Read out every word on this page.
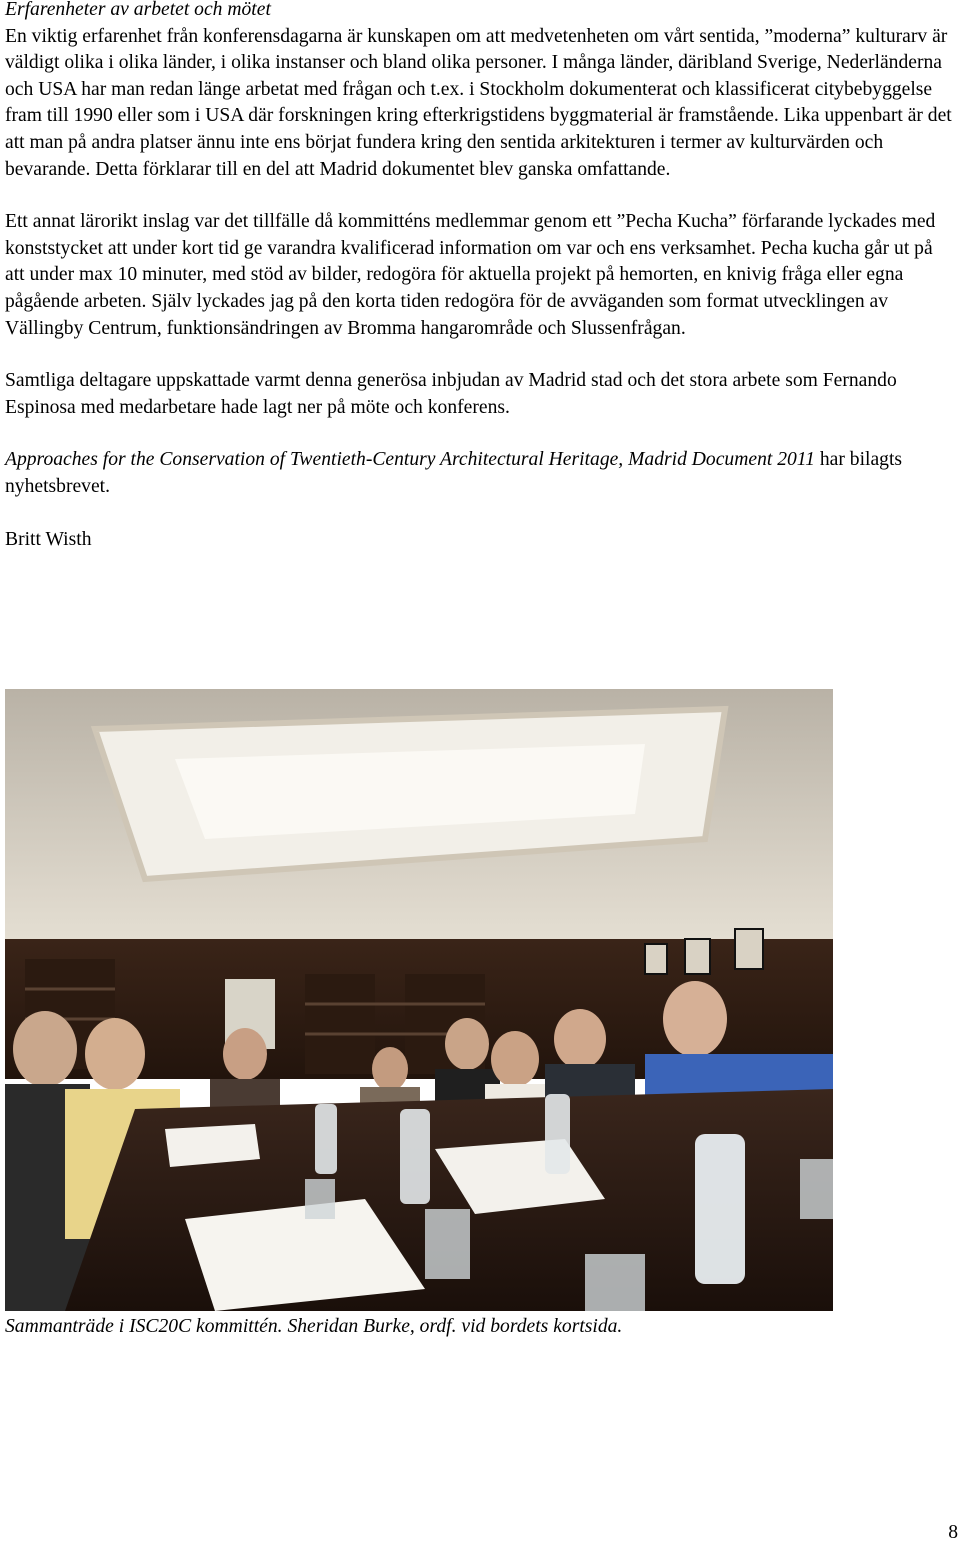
Erfarenheter av arbetet och mötet

En viktig erfarenhet från konferensdagarna är kunskapen om att medvetenheten om vårt sentida, ”moderna” kulturarv är väldigt olika i olika länder, i olika instanser och bland olika personer. I många länder, däribland Sverige, Nederländerna och USA har man redan länge arbetat med frågan och t.ex. i Stockholm dokumenterat och klassificerat citybebyggelse fram till 1990 eller som i USA där forskningen kring efterkrigstidens byggmaterial är framstående. Lika uppenbart är det att man på andra platser ännu inte ens börjat fundera kring den sentida arkitekturen i termer av kulturvärden och bevarande. Detta förklarar till en del att Madrid dokumentet blev ganska omfattande.

Ett annat lärorikt inslag var det tillfälle då kommitténs medlemmar genom ett ”Pecha Kucha” förfarande lyckades med konststycket att under kort tid ge varandra kvalificerad information om var och ens verksamhet. Pecha kucha går ut på att under max 10 minuter, med stöd av bilder, redogöra för aktuella projekt på hemorten, en knivig fråga eller egna pågående arbeten. Själv lyckades jag på den korta tiden redogöra för de avväganden som format utvecklingen av Vällingby Centrum, funktionsändringen av Bromma hangarområde och Slussenfrågan.

Samtliga deltagare uppskattade varmt denna generösa inbjudan av Madrid stad och det stora arbete som Fernando Espinosa med medarbetare hade lagt ner på möte och konferens.

Approaches for the Conservation of Twentieth-Century Architectural Heritage, Madrid Document 2011 har bilagts nyhetsbrevet.

Britt Wisth

Sammanträde i ISC20C kommittén. Sheridan Burke, ordf. vid bordets kortsida.

8
